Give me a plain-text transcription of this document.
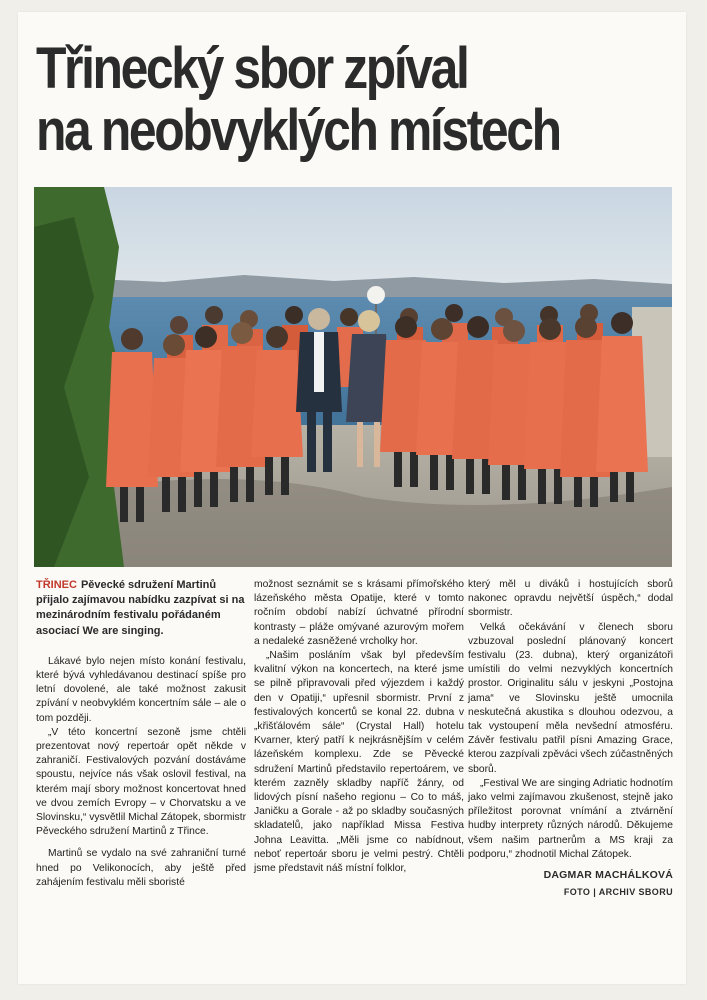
Třinecký sbor zpíval
na neobvyklých místech
TŘINEC Pěvecké sdružení Martinů přijalo zajímavou nabídku zazpívat si na mezinárodním festivalu pořádaném asociací We are singing.

Lákavé bylo nejen místo konání festivalu, které bývá vyhledávanou destinací spíše pro letní dovolené, ale také možnost zakusit zpívání v neobvyklém koncertním sále – ale o tom později.

„V této koncertní sezoně jsme chtěli prezentovat nový repertoár opět někde v zahraničí. Festivalových pozvání dostáváme spoustu, nejvíce nás však oslovil festival, na kterém mají sbory možnost koncertovat hned ve dvou zemích Evropy – v Chorvatsku a ve Slovinsku,“ vysvětlil Michal Zátopek, sbormistr Pěveckého sdružení Martinů z Třince.

Martinů se vydalo na své zahraniční turné hned po Velikonocích, aby ještě před zahájením festivalu měli sboristé

možnost seznámit se s krásami přímořského lázeňského města Opatije, které v tomto ročním období nabízí úchvatné přírodní kontrasty – pláže omývané azurovým mořem a nedaleké zasněžené vrcholky hor.

„Našim posláním však byl především kvalitní výkon na koncertech, na které jsme se pilně připravovali před výjezdem i každý den v Opatiji,“ upřesnil sbormistr. První z festivalových koncertů se konal 22. dubna v „křišťálovém sále“ (Crystal Hall) hotelu Kvarner, který patří k nejkrásnějším v celém lázeňském komplexu. Zde se Pěvecké sdružení Martinů představilo repertoárem, ve kterém zazněly skladby napříč žánry, od lidových písní našeho regionu – Co to máš, Janičku a Gorale - až po skladby současných skladatelů, jako například Missa Festiva Johna Leavitta. „Měli jsme co nabídnout, neboť repertoár sboru je velmi pestrý. Chtěli jsme představit náš místní folklor,

který měl u diváků i hostujících sborů nakonec opravdu největší úspěch,“ dodal sbormistr.

Velká očekávání v členech sboru vzbuzoval poslední plánovaný koncert festivalu (23. dubna), který organizátoři umístili do velmi nezvyklých koncertních prostor. Originalitu sálu v jeskyni „Postojna jama“ ve Slovinsku ještě umocnila neskutečná akustika s dlouhou odezvou, a tak vystoupení měla nevšední atmosféru. Závěr festivalu patřil písni Amazing Grace, kterou zazpívali zpěváci všech zúčastněných sborů.

„Festival We are singing Adriatic hodnotím jako velmi zajímavou zkušenost, stejně jako příležitost porovnat vnímání a ztvárnění hudby interprety různých národů. Děkujeme všem našim partnerům a MS kraji za podporu,“ zhodnotil Michal Zátopek.

DAGMAR MACHÁLKOVÁ
FOTO | ARCHIV SBORU
